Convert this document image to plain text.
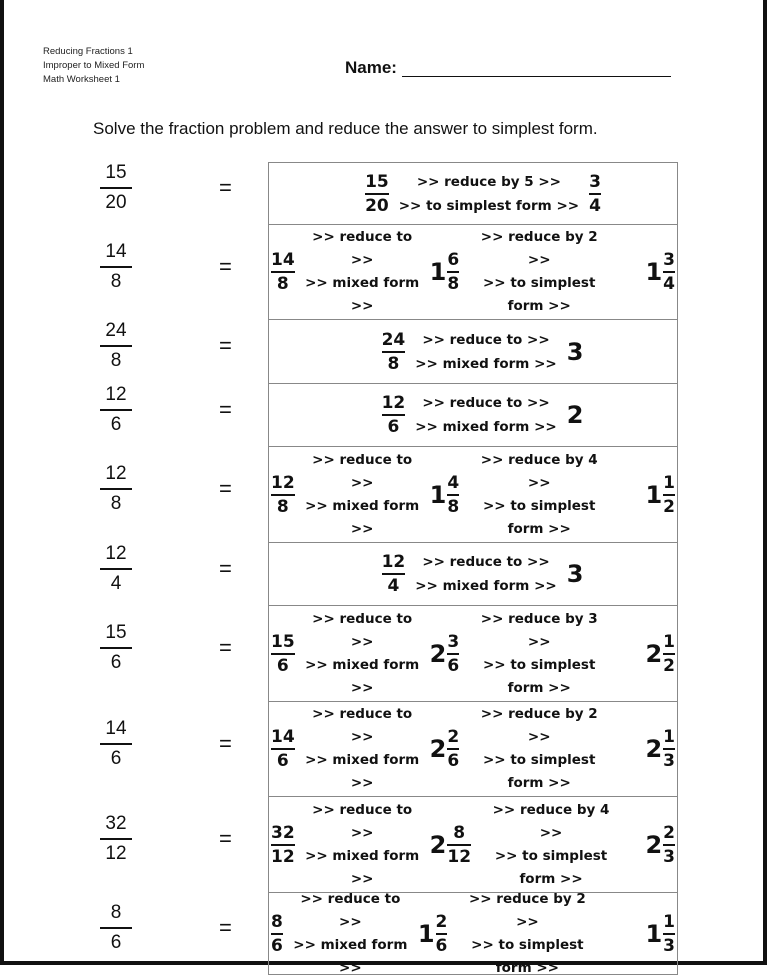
Reducing Fractions 1
Improper to Mixed Form
Math Worksheet 1
Name:
Solve the fraction problem and reduce the answer to simplest form.
15
20
=	15
20
>> reduce by 5 >>
>> to simplest form >>
3
4
14
8
= 14
8
>> reduce to >>
>> mixed form >>
1 6
8
>> reduce by 2 >>
>> to simplest form >>
1 3
4
24
8
=	24
8
>> reduce to >>
>> mixed form >> 3
12
6
=	12
6
>> reduce to >>
>> mixed form >> 2
12
8
= 12
8
>> reduce to >>
>> mixed form >>
1 4
8
>> reduce by 4 >>
>> to simplest form >>
1 1
2
12
4
=	12
4
>> reduce to >>
>> mixed form >> 3
15
6
= 15
6
>> reduce to >>
>> mixed form >>
2 3
6
>> reduce by 3 >>
>> to simplest form >>
2 1
2
14
6
= 14
6
>> reduce to >>
>> mixed form >>
2 2
6
>> reduce by 2 >>
>> to simplest form >>
2 1
3
32
12
= 32
12
>> reduce to >>
>> mixed form >>
2 8
12
>> reduce by 4 >>
>> to simplest form >>
2 2
3
8
6
= 8
6
>> reduce to >>
>> mixed form >>
1 2
6
>> reduce by 2 >>
>> to simplest form >>
1 1
3
